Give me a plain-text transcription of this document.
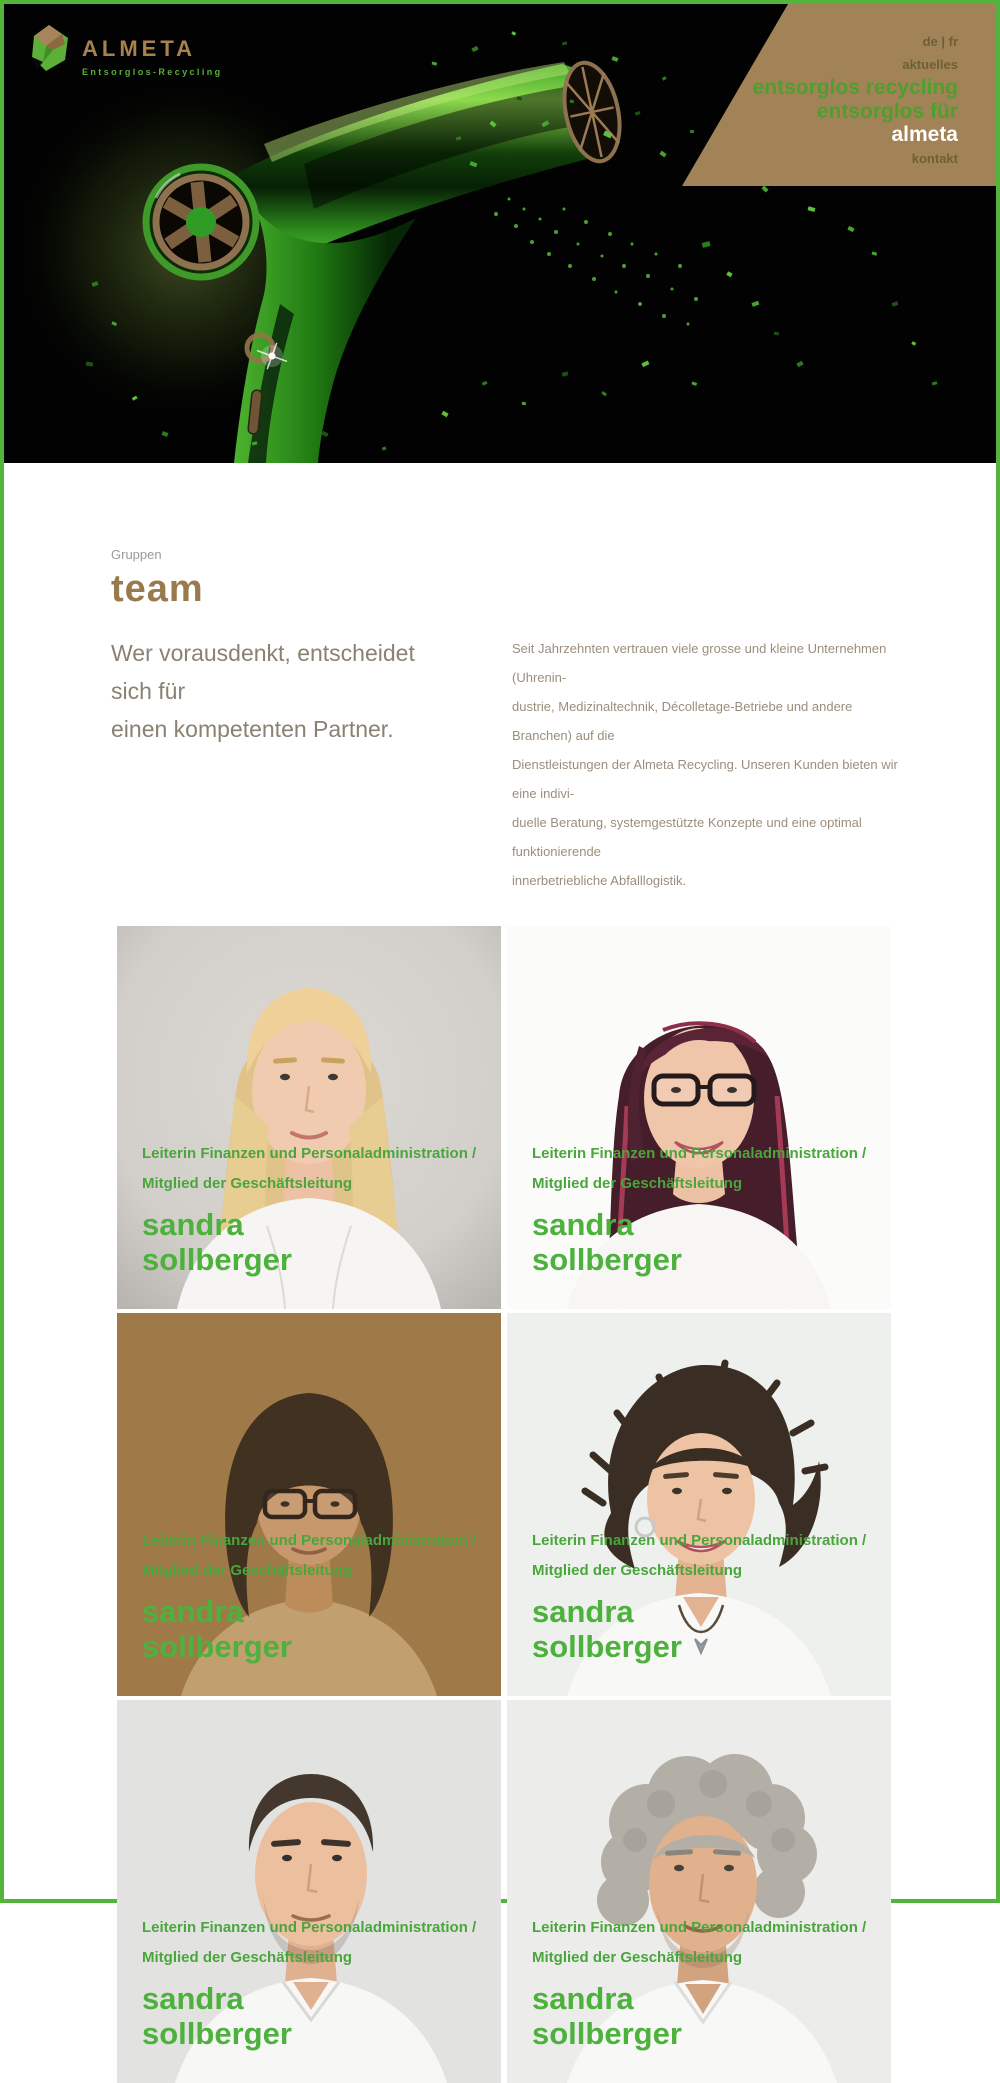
ALMETA
Entsorglos-Recycling
de | fr
aktuelles
entsorglos recycling
entsorglos für
almeta
kontakt
Gruppen
team
Wer vorausdenkt, entscheidet sich für
einen kompetenten Partner.
Seit Jahrzehnten vertrauen viele grosse und kleine Unternehmen (Uhrenin-
dustrie, Medizinaltechnik, Décolletage-Betriebe und andere Branchen) auf die
Dienstleistungen der Almeta Recycling. Unseren Kunden bieten wir eine indivi-
duelle Beratung, systemgestützte Konzepte und eine optimal funktionierende
innerbetriebliche Abfalllogistik.
Leiterin Finanzen und Personaladministration /
Mitglied der Geschäftsleitung
sandra
sollberger
Leiterin Finanzen und Personaladministration /
Mitglied der Geschäftsleitung
sandra
sollberger
Leiterin Finanzen und Personaladministration /
Mitglied der Geschäftsleitung
sandra
sollberger
Leiterin Finanzen und Personaladministration /
Mitglied der Geschäftsleitung
sandra
sollberger
Leiterin Finanzen und Personaladministration /
Mitglied der Geschäftsleitung
sandra
sollberger
Leiterin Finanzen und Personaladministration /
Mitglied der Geschäftsleitung
sandra
sollberger
